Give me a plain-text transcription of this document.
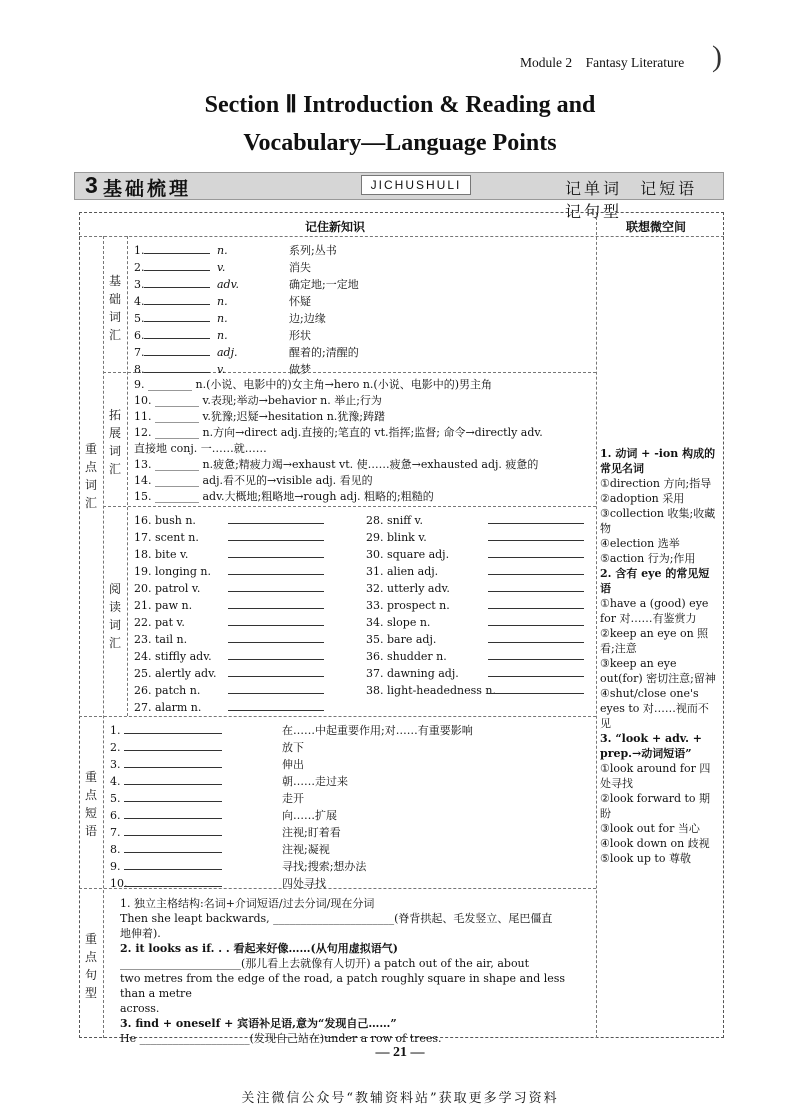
Module 2 Fantasy Literature )
Section Ⅱ Introduction & Reading and
Vocabulary—Language Points
3 基础梳理	JICHUSHULI	记单词 记短语 记句型
记住新知识	联想微空间
重点词汇
基础词汇
拓展词汇
阅读词汇
重点短语
重点句型
1.	n.	系列;丛书
2.	v.	消失
3.	adv.	确定地;一定地
4.	n.	怀疑
5.	n.	边;边缘
6.	n.	形状
7.	adj.	醒着的;清醒的
8.	v.	做梦
9. ________ n.(小说、电影中的)女主角→hero n.(小说、电影中的)男主角
10. ________ v.表现;举动→behavior n. 举止;行为
11. ________ v.犹豫;迟疑→hesitation n.犹豫;踌躇
12. ________ n.方向→direct adj.直接的;笔直的 vt.指挥;监督; 命令→directly adv.
直接地 conj. 一……就……
13. ________ n.疲惫;精疲力竭→exhaust vt. 使……疲惫→exhausted adj. 疲惫的
14. ________ adj.看不见的→visible adj. 看见的
15. ________ adv.大概地;粗略地→rough adj. 粗略的;粗糙的
16. bush n.
17. scent n.
18. bite v.
19. longing n.
20. patrol v.
21. paw n.
22. pat v.
23. tail n.
24. stiffly adv.
25. alertly adv.
26. patch n.
27. alarm n.
28. sniff v.
29. blink v.
30. square adj.
31. alien adj.
32. utterly adv.
33. prospect n.
34. slope n.
35. bare adj.
36. shudder n.
37. dawning adj.
38. light-headedness n.
1.	在……中起重要作用;对……有重要影响
2.	放下
3.	伸出
4.	朝……走过来
5.	走开
6.	向……扩展
7.	注视;盯着看
8.	注视;凝视
9.	寻找;搜索;想办法
10.	四处寻找
1. 独立主格结构:名词+介词短语/过去分词/现在分词
Then she leapt backwards, ______________________(脊背拱起、毛发竖立、尾巴僵直
地伸着).
2. it looks as if. . . 看起来好像……(从句用虚拟语气)
______________________(那儿看上去就像有人切开) a patch out of the air, about
two metres from the edge of the road, a patch roughly square in shape and less than a metre
across.
3. find + oneself + 宾语补足语,意为“发现自己……”
He ____________________(发现自己站在)under a row of trees.
1. 动词 + -ion 构成的常见名词
①direction 方向;指导
②adoption 采用
③collection 收集;收藏物
④election 选举
⑤action 行为;作用
2. 含有 eye 的常见短语
①have a (good) eye for 对……有鉴赏力
②keep an eye on 照看;注意
③keep an eye out(for) 密切注意;留神
④shut/close one's eyes to 对……视而不见
3. “look + adv. + prep.→动词短语”
①look around for 四处寻找
②look forward to 期盼
③look out for 当心
④look down on 歧视
⑤look up to 尊敬
— 21 —
关注微信公众号“教辅资料站”获取更多学习资料
